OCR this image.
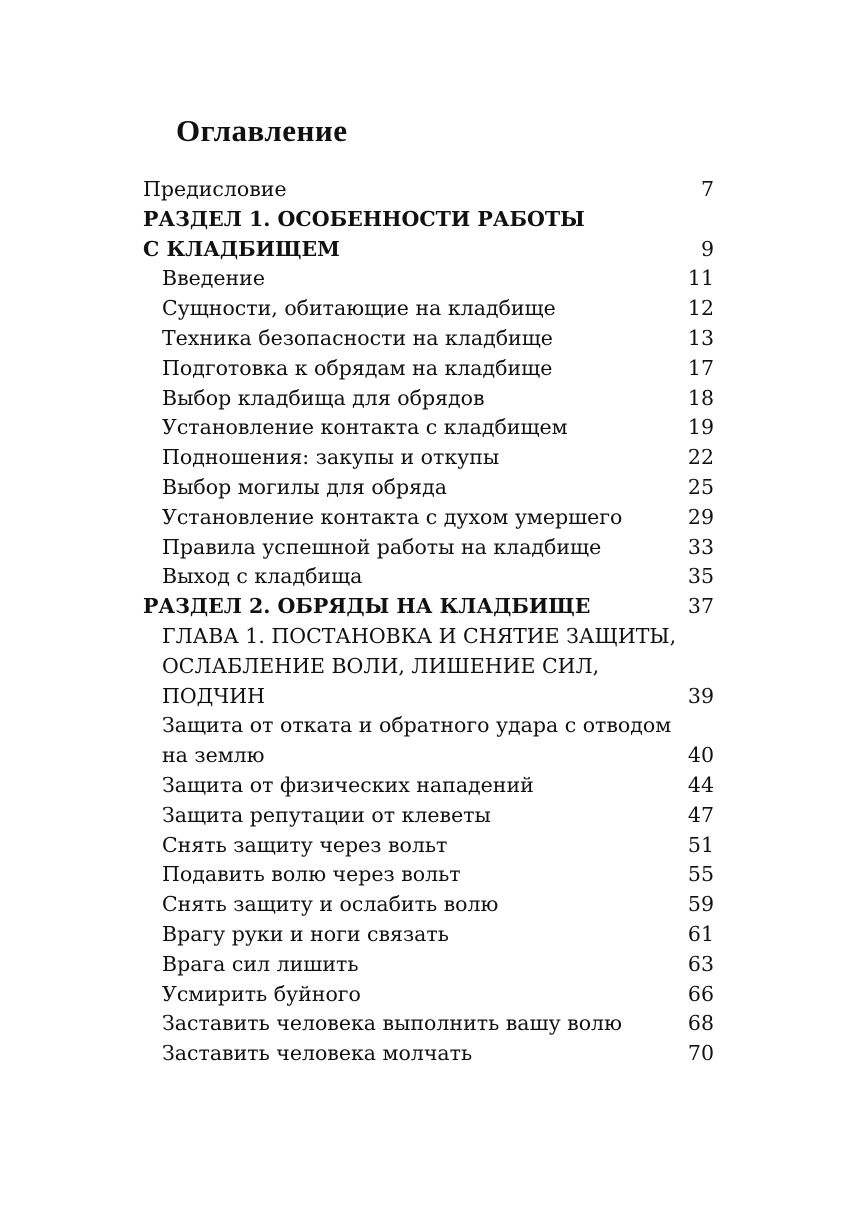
Оглавление
Предисловие	7
РАЗДЕЛ 1. ОСОБЕННОСТИ РАБОТЫ
С КЛАДБИЩЕМ	9
Введение	11
Сущности, обитающие на кладбище	12
Техника безопасности на кладбище	13
Подготовка к обрядам на кладбище	17
Выбор кладбища для обрядов	18
Установление контакта с кладбищем	19
Подношения: закупы и откупы	22
Выбор могилы для обряда	25
Установление контакта с духом умершего	29
Правила успешной работы на кладбище	33
Выход с кладбища	35
РАЗДЕЛ 2. ОБРЯДЫ НА КЛАДБИЩЕ	37
ГЛАВА 1. ПОСТАНОВКА И СНЯТИЕ ЗАЩИТЫ,
ОСЛАБЛЕНИЕ ВОЛИ, ЛИШЕНИЕ СИЛ,
ПОДЧИН	39
Защита от отката и обратного удара с отводом
на землю	40
Защита от физических нападений	44
Защита репутации от клеветы	47
Снять защиту через вольт	51
Подавить волю через вольт	55
Снять защиту и ослабить волю	59
Врагу руки и ноги связать	61
Врага сил лишить	63
Усмирить буйного	66
Заставить человека выполнить вашу волю	68
Заставить человека молчать	70
